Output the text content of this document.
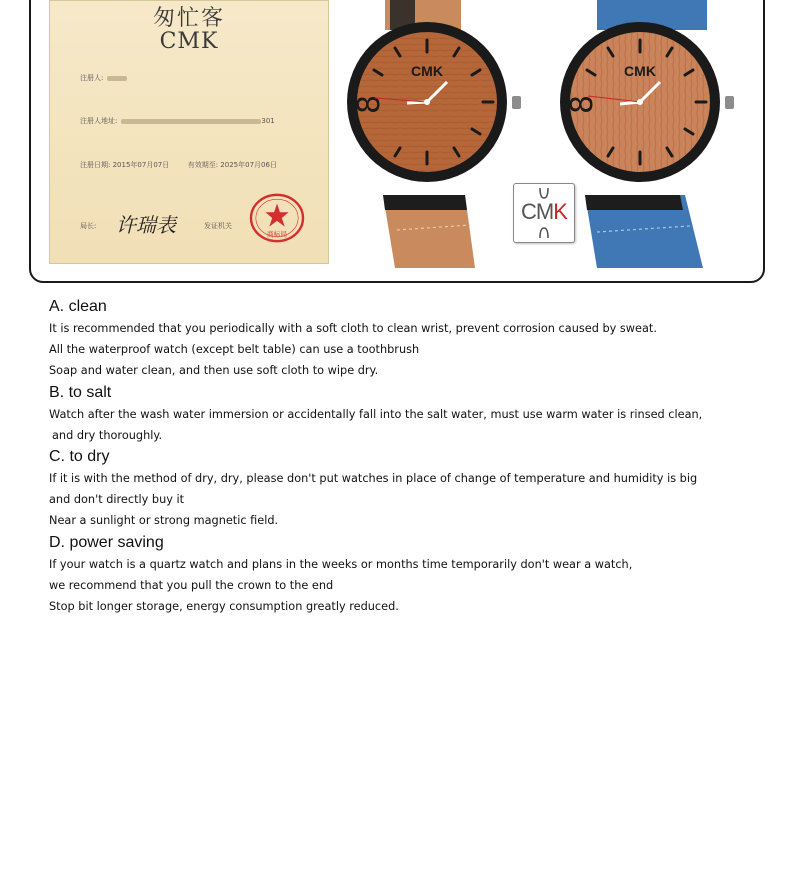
匆忙客
CMK
注册人:
注册人地址:	301
注册日期: 2015年07月07日	有效期至: 2025年07月06日
局长: 许瑞表	发证机关
商标局
CMK
8
CMK
8
CMK

A. clean

It is recommended that you periodically with a soft cloth to clean wrist, prevent corrosion caused by sweat.
All the waterproof watch (except belt table) can use a toothbrush
Soap and water clean, and then use soft cloth to wipe dry.

B. to salt

Watch after the wash water immersion or accidentally fall into the salt water, must use warm water is rinsed clean,
and dry thoroughly.

C. to dry

If it is with the method of dry, dry, please don't put watches in place of change of temperature and humidity is big
and don't directly buy it
Near a sunlight or strong magnetic field.

D. power saving

If your watch is a quartz watch and plans in the weeks or months time temporarily don't wear a watch,
we recommend that you pull the crown to the end
Stop bit longer storage, energy consumption greatly reduced.
